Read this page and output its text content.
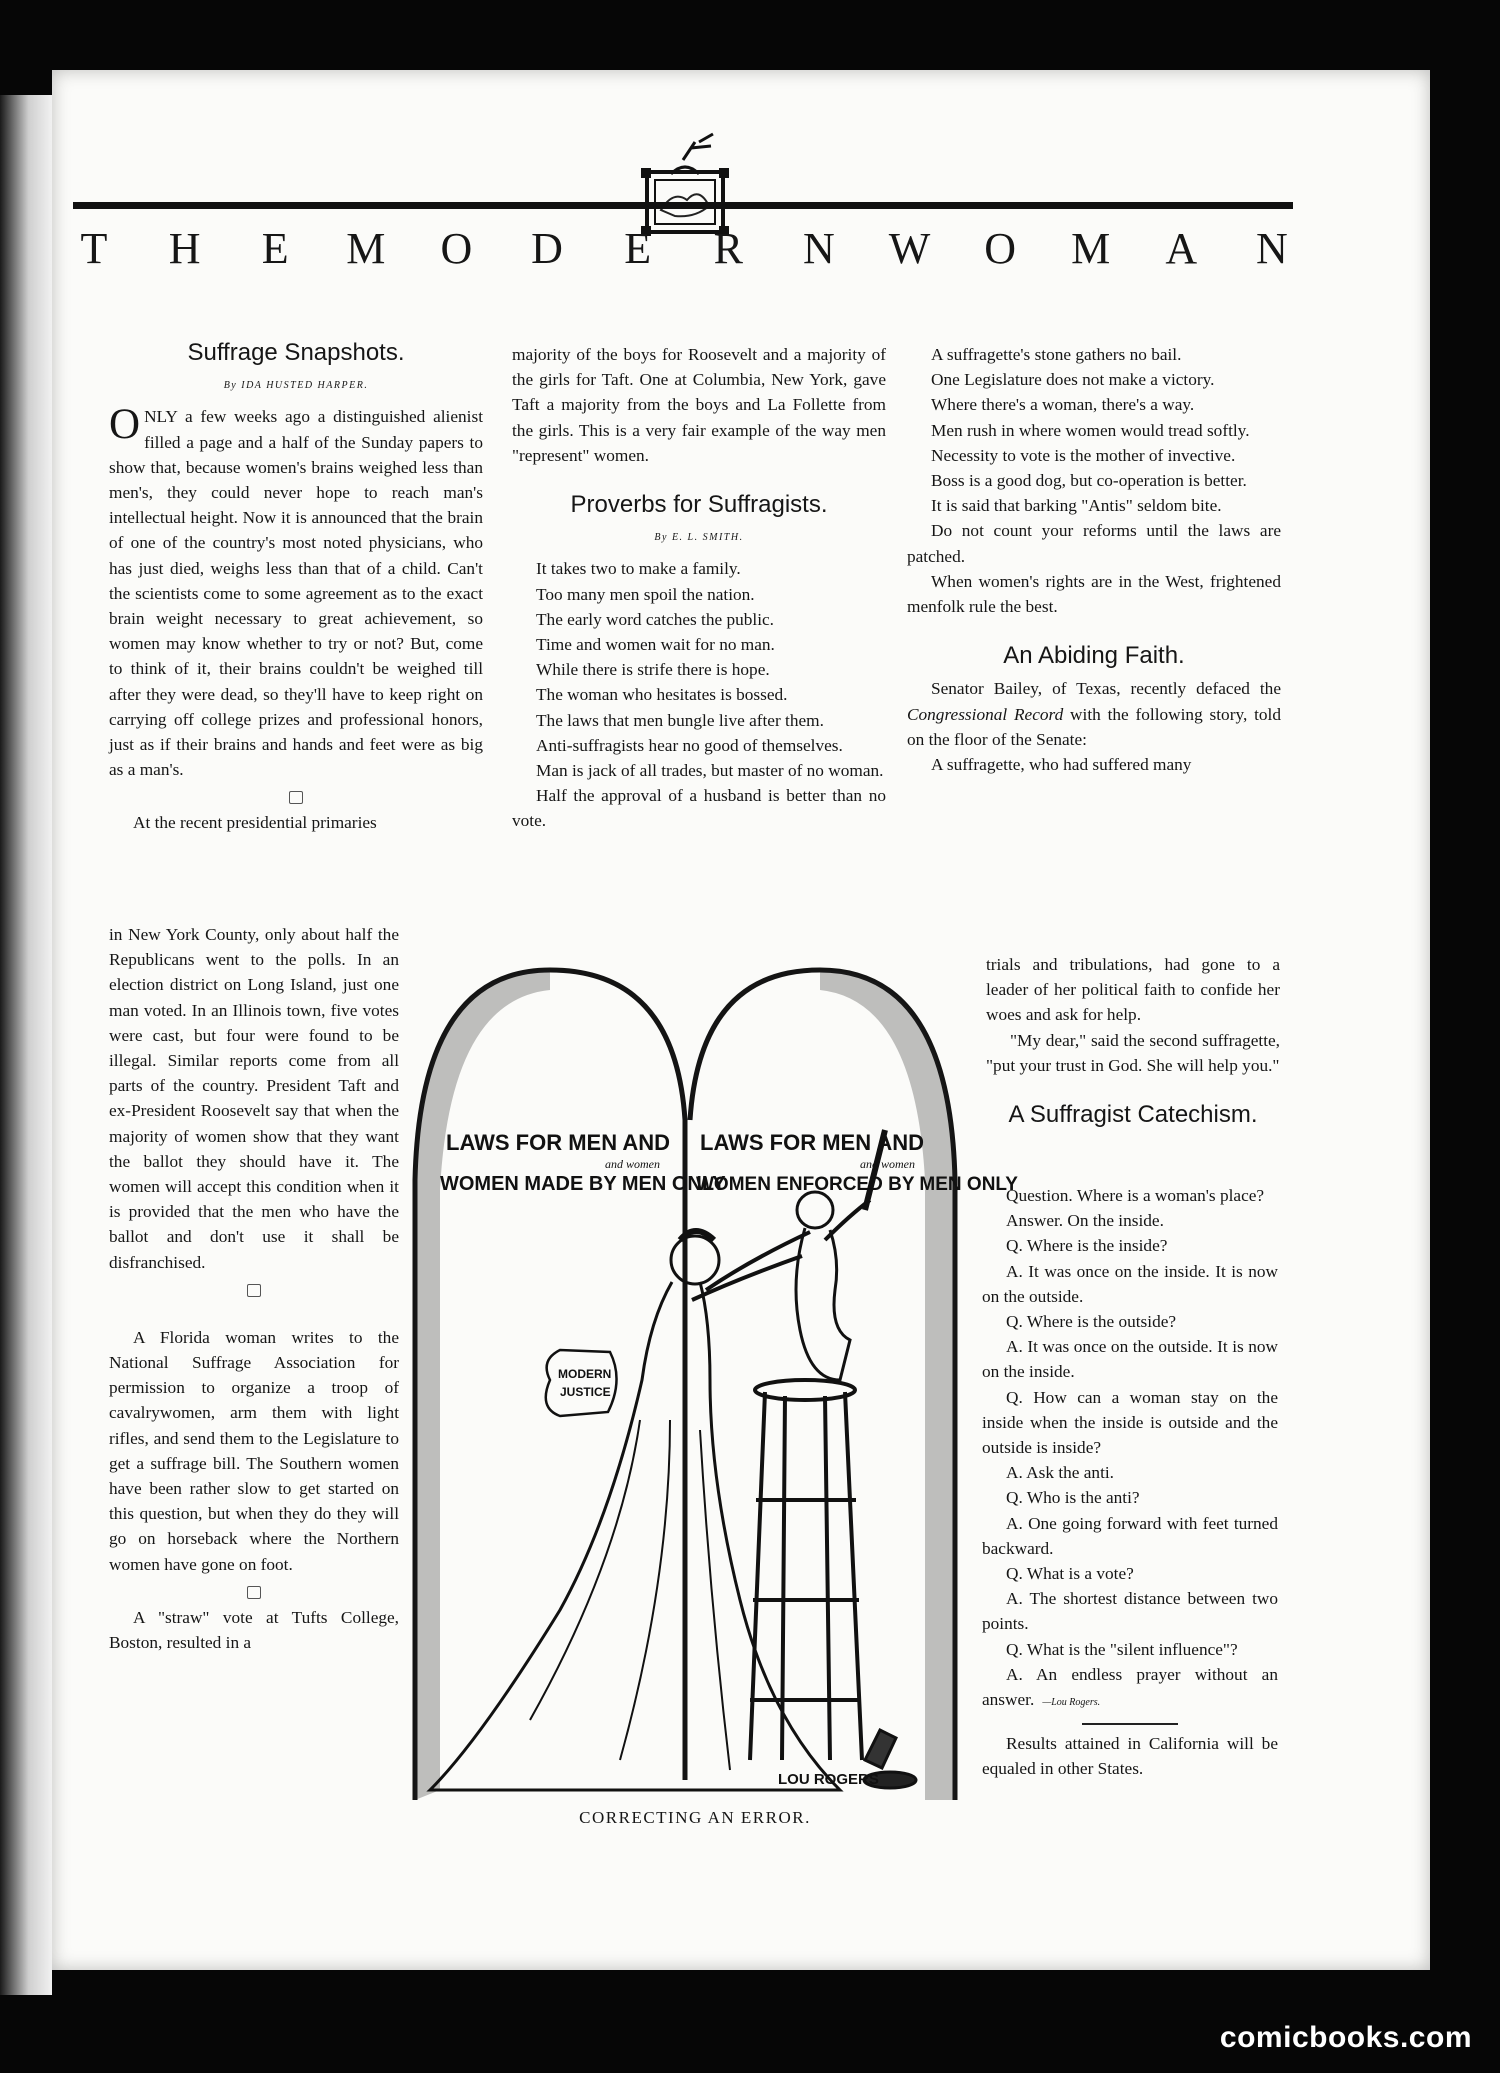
T H E M O D E R N W O M A N
Suffrage Snapshots.
By IDA HUSTED HARPER.

ONLY a few weeks ago a distinguished alienist filled a page and a half of the Sunday papers to show that, because women's brains weighed less than men's, they could never hope to reach man's intellectual height. Now it is announced that the brain of one of the country's most noted physicians, who has just died, weighs less than that of a child. Can't the scientists come to some agreement as to the exact brain weight necessary to great achievement, so women may know whether to try or not? But, come to think of it, their brains couldn't be weighed till after they were dead, so they'll have to keep right on carrying off college prizes and professional honors, just as if their brains and hands and feet were as big as a man's.

At the recent presidential primaries

in New York County, only about half the Republicans went to the polls. In an election district on Long Island, just one man voted. In an Illinois town, five votes were cast, but four were found to be illegal. Similar reports come from all parts of the country. President Taft and ex-President Roosevelt say that when the majority of women show that they want the ballot they should have it. The women will accept this condition when it is provided that the men who have the ballot and don't use it shall be disfranchised.

A Florida woman writes to the National Suffrage Association for permission to organize a troop of cavalrywomen, arm them with light rifles, and send them to the Legislature to get a suffrage bill. The Southern women have been rather slow to get started on this question, but when they do they will go on horseback where the Northern women have gone on foot.

A "straw" vote at Tufts College, Boston, resulted in a

majority of the boys for Roosevelt and a majority of the girls for Taft. One at Columbia, New York, gave Taft a majority from the boys and La Follette from the girls. This is a very fair example of the way men "represent" women.

Proverbs for Suffragists.
By E. L. SMITH.

It takes two to make a family.

Too many men spoil the nation.

The early word catches the public.

Time and women wait for no man.

While there is strife there is hope.

The woman who hesitates is bossed.

The laws that men bungle live after them.

Anti-suffragists hear no good of themselves.

Man is jack of all trades, but master of no woman.

Half the approval of a husband is better than no vote.

A suffragette's stone gathers no bail.

One Legislature does not make a victory.

Where there's a woman, there's a way.

Men rush in where women would tread softly.

Necessity to vote is the mother of invective.

Boss is a good dog, but co-operation is better.

It is said that barking "Antis" seldom bite.

Do not count your reforms until the laws are patched.

When women's rights are in the West, frightened menfolk rule the best.

An Abiding Faith.

Senator Bailey, of Texas, recently defaced the Congressional Record with the following story, told on the floor of the Senate:

A suffragette, who had suffered many

trials and tribulations, had gone to a leader of her political faith to confide her woes and ask for help.

"My dear," said the second suffragette, "put your trust in God. She will help you."

A Suffragist Catechism.

Question. Where is a woman's place?

Answer. On the inside.

Q. Where is the inside?

A. It was once on the inside. It is now on the outside.

Q. Where is the outside?

A. It was once on the outside. It is now on the inside.

Q. How can a woman stay on the inside when the inside is outside and the outside is inside?

A. Ask the anti.

Q. Who is the anti?

A. One going forward with feet turned backward.

Q. What is a vote?

A. The shortest distance between two points.

Q. What is the "silent influence"?

A. An endless prayer without an answer. —Lou Rogers.

Results attained in California will be equaled in other States.

LAWS FOR MEN AND
WOMEN MADE BY MEN ONLY
and women
LAWS FOR MEN AND
WOMEN ENFORCED BY MEN ONLY
and women
MODERN
JUSTICE
LOU ROGERS
CORRECTING AN ERROR.
comicbooks.com
